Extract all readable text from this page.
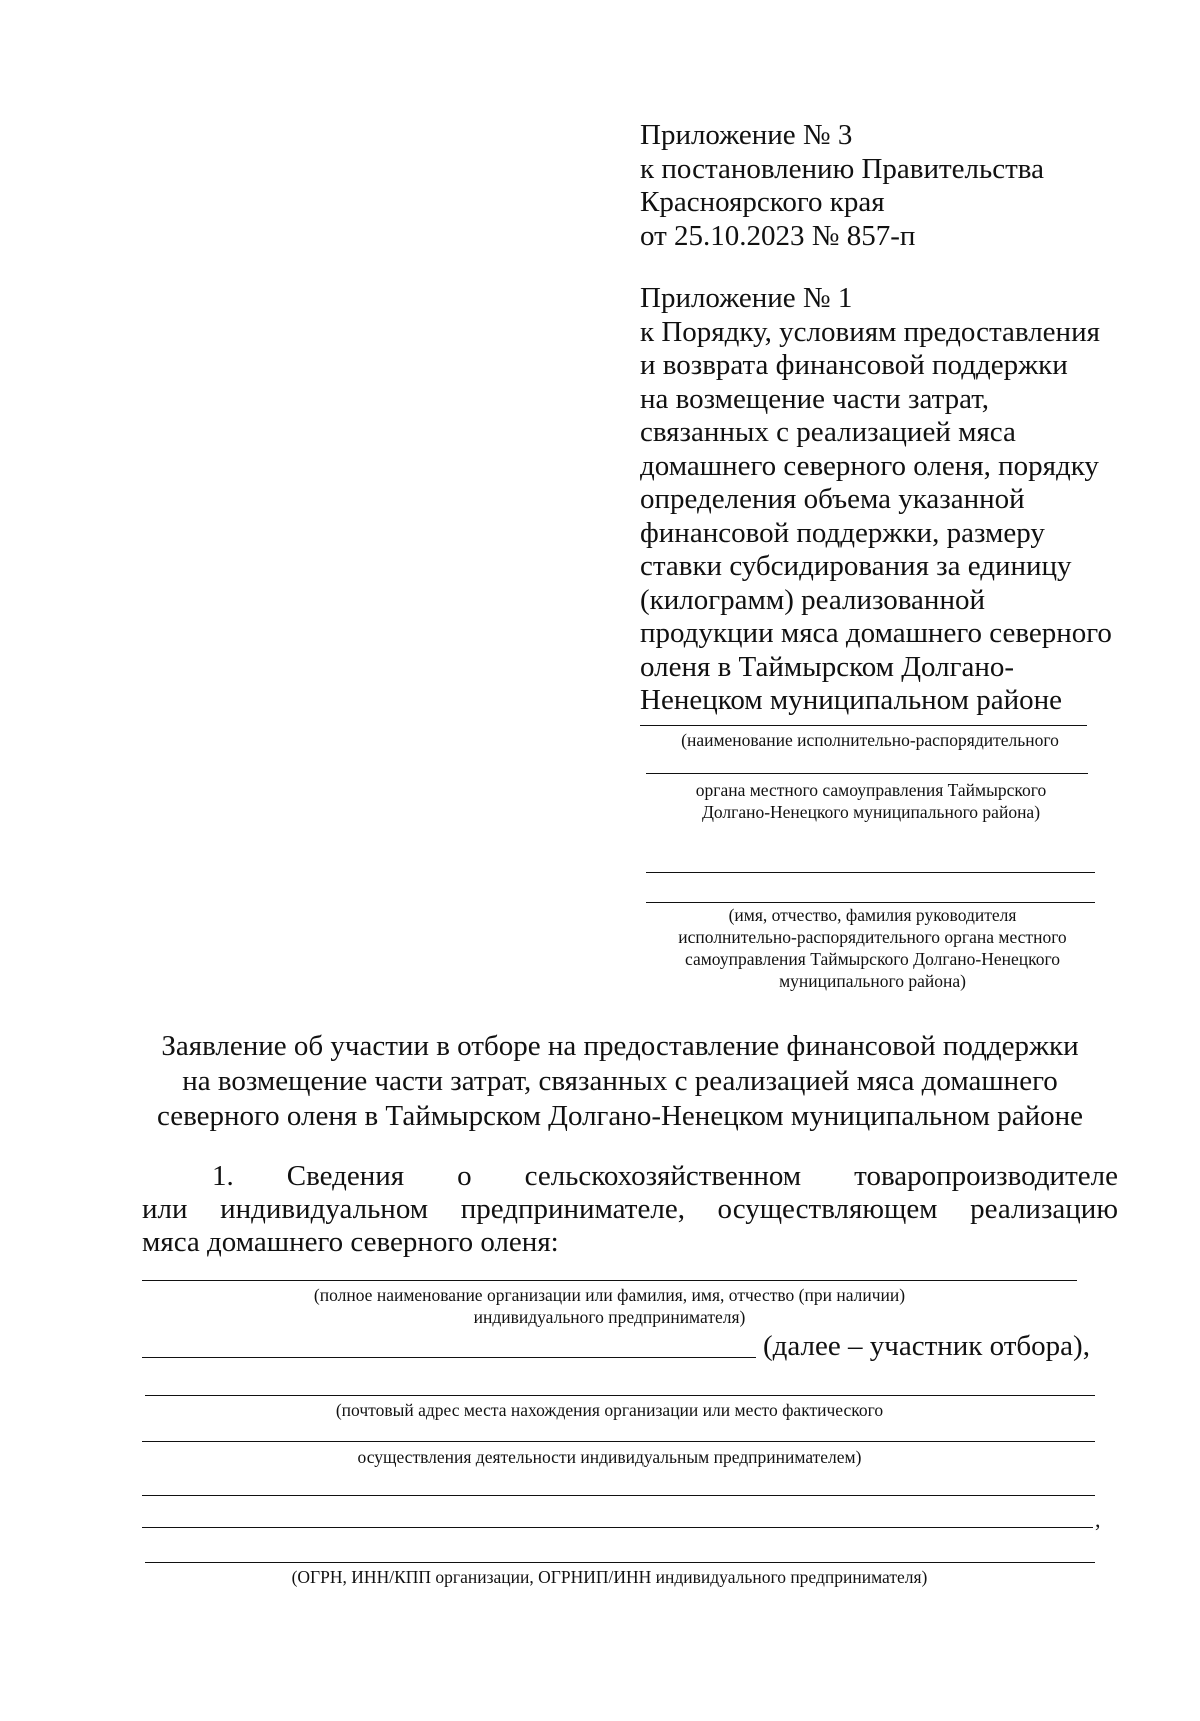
Приложение № 3
к постановлению Правительства
Красноярского края
от 25.10.2023 № 857-п
Приложение № 1
к Порядку, условиям предоставления
и возврата финансовой поддержки
на возмещение части затрат,
связанных с реализацией мяса
домашнего северного оленя, порядку
определения объема указанной
финансовой поддержки, размеру
ставки субсидирования за единицу
(килограмм) реализованной
продукции мяса домашнего северного
оленя в Таймырском Долгано-
Ненецком муниципальном районе
(наименование исполнительно-распорядительного
органа местного самоуправления Таймырского
Долгано-Ненецкого муниципального района)
(имя, отчество, фамилия руководителя
исполнительно-распорядительного органа местного
самоуправления Таймырского Долгано-Ненецкого
муниципального района)
Заявление об участии в отборе на предоставление финансовой поддержки
на возмещение части затрат, связанных с реализацией мяса домашнего
северного оленя в Таймырском Долгано-Ненецком муниципальном районе
1. Сведения о сельскохозяйственном товаропроизводителе
или индивидуальном предпринимателе, осуществляющем реализацию
мяса домашнего северного оленя:
(полное наименование организации или фамилия, имя, отчество (при наличии)
индивидуального предпринимателя)
(далее – участник отбора),
(почтовый адрес места нахождения организации или место фактического
осуществления деятельности индивидуальным предпринимателем)
,
(ОГРН, ИНН/КПП организации, ОГРНИП/ИНН индивидуального предпринимателя)
